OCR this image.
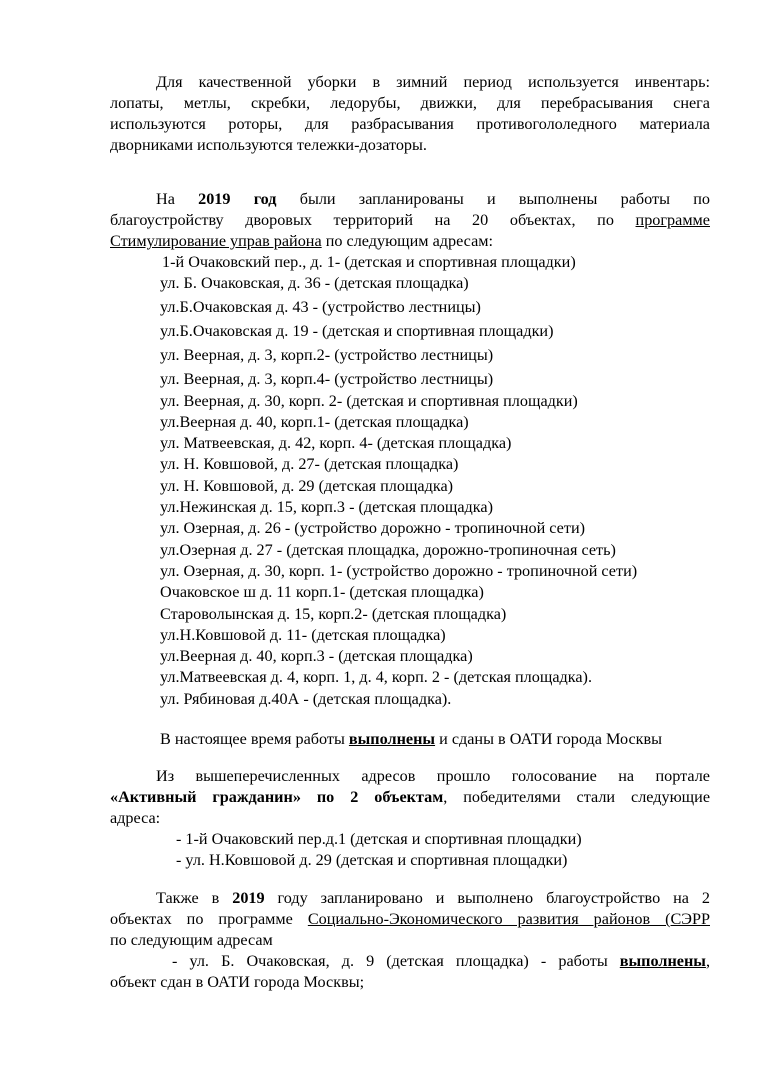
Для качественной уборки в зимний период используется инвентарь:
лопаты, метлы, скребки, ледорубы, движки, для перебрасывания снега
используются роторы, для разбрасывания противогололедного материала
дворниками используются тележки-дозаторы.
На 2019 год были запланированы и выполнены работы по
благоустройству дворовых территорий на 20 объектах, по программе
Стимулирование управ района по следующим адресам:
1-й Очаковский пер., д. 1- (детская и спортивная площадки)
ул. Б. Очаковская, д. 36 - (детская площадка)
ул.Б.Очаковская д. 43 - (устройство лестницы)
ул.Б.Очаковская д. 19 - (детская и спортивная площадки)
ул. Веерная, д. 3, корп.2- (устройство лестницы)
ул. Веерная, д. 3, корп.4- (устройство лестницы)
ул. Веерная, д. 30, корп. 2- (детская и спортивная площадки)
ул.Веерная д. 40, корп.1- (детская площадка)
ул. Матвеевская, д. 42, корп. 4- (детская площадка)
ул. Н. Ковшовой, д. 27- (детская площадка)
ул. Н. Ковшовой, д. 29 (детская площадка)
ул.Нежинская д. 15, корп.3 - (детская площадка)
ул. Озерная, д. 26 - (устройство дорожно - тропиночной сети)
ул.Озерная д. 27 - (детская площадка, дорожно-тропиночная сеть)
ул. Озерная, д. 30, корп. 1- (устройство дорожно - тропиночной сети)
Очаковское ш д. 11 корп.1- (детская площадка)
Староволынская д. 15, корп.2- (детская площадка)
ул.Н.Ковшовой д. 11- (детская площадка)
ул.Веерная д. 40, корп.3 - (детская площадка)
ул.Матвеевская д. 4, корп. 1, д. 4, корп. 2 - (детская площадка).
ул. Рябиновая д.40А - (детская площадка).

В настоящее время работы выполнены и сданы в ОАТИ города Москвы

Из вышеперечисленных адресов прошло голосование на портале
«Активный гражданин» по 2 объектам, победителями стали следующие
адреса:

- 1-й Очаковский пер.д.1 (детская и спортивная площадки)

- ул. Н.Ковшовой д. 29 (детская и спортивная площадки)

Также в 2019 году запланировано и выполнено благоустройство на 2
объектах по программе Социально-Экономического развития районов (СЭРР
по следующим адресам
- ул. Б. Очаковская, д. 9 (детская площадка) - работы выполнены,
объект сдан в ОАТИ города Москвы;
